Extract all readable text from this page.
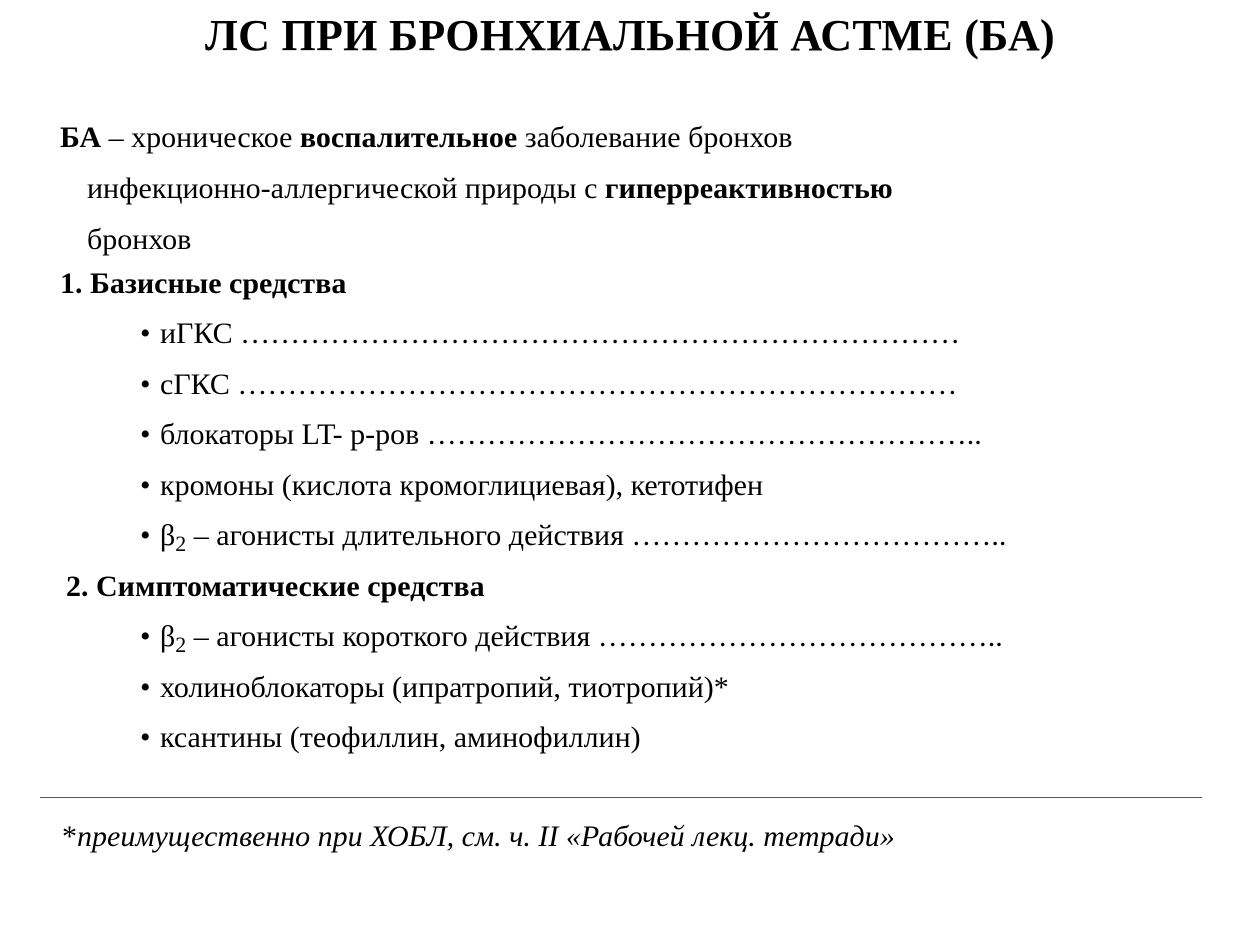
ЛС ПРИ БРОНХИАЛЬНОЙ АСТМЕ (БА)
БА – хроническое воспалительное заболевание бронхов
инфекционно-аллергической природы с гиперреактивностью
бронхов
1. Базисные средства
• иГКС ………………………………………………………………
• сГКС ………………………………………………………………
• блокаторы LT- р-ров ………………………………………………..
• кромоны (кислота кромоглициевая), кетотифен
• $\beta_2$ – агонисты длительного действия ………………………………..
2. Симптоматические средства
• $\beta_2$ – агонисты короткого действия …………………………………..
• холиноблокаторы (ипратропий, тиотропий)*
• ксантины (теофиллин, аминофиллин)
*преимущественно при ХОБЛ, см. ч. II «Рабочей лекц. тетради»
